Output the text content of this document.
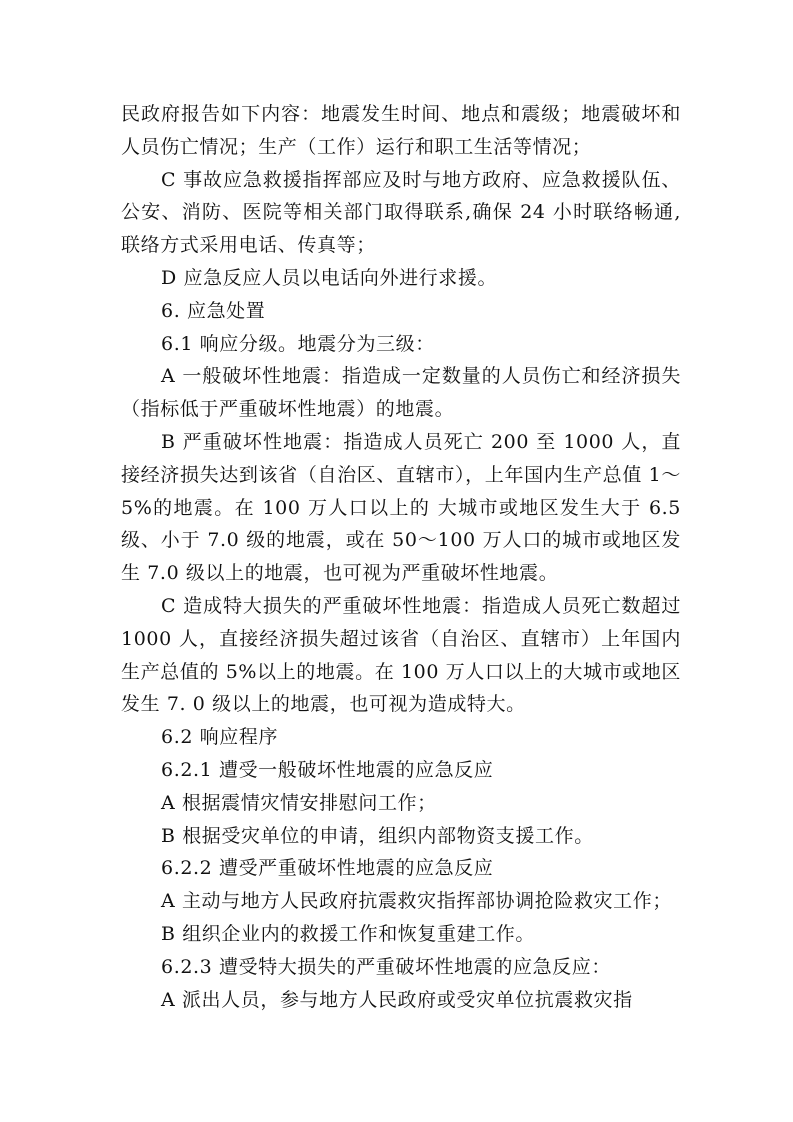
民政府报告如下内容：地震发生时间、地点和震级；地震破坏和人员伤亡情况；生产（工作）运行和职工生活等情况；

C 事故应急救援指挥部应及时与地方政府、应急救援队伍、公安、消防、医院等相关部门取得联系,确保 24 小时联络畅通,联络方式采用电话、传真等；

D 应急反应人员以电话向外进行求援。

6. 应急处置

6.1 响应分级。地震分为三级：

A 一般破坏性地震：指造成一定数量的人员伤亡和经济损失（指标低于严重破坏性地震）的地震。

B 严重破坏性地震：指造成人员死亡 200 至 1000 人，直接经济损失达到该省（自治区、直辖市），上年国内生产总值 1～5%的地震。在 100 万人口以上的 大城市或地区发生大于 6.5 级、小于 7.0 级的地震，或在 50～100 万人口的城市或地区发生 7.0 级以上的地震，也可视为严重破坏性地震。

C 造成特大损失的严重破坏性地震：指造成人员死亡数超过 1000 人，直接经济损失超过该省（自治区、直辖市）上年国内生产总值的 5%以上的地震。在 100 万人口以上的大城市或地区发生 7. 0 级以上的地震，也可视为造成特大。

6.2 响应程序

6.2.1 遭受一般破坏性地震的应急反应

A 根据震情灾情安排慰问工作；

B 根据受灾单位的申请，组织内部物资支援工作。

6.2.2 遭受严重破坏性地震的应急反应

A 主动与地方人民政府抗震救灾指挥部协调抢险救灾工作；

B 组织企业内的救援工作和恢复重建工作。

6.2.3 遭受特大损失的严重破坏性地震的应急反应：

A 派出人员，参与地方人民政府或受灾单位抗震救灾指
